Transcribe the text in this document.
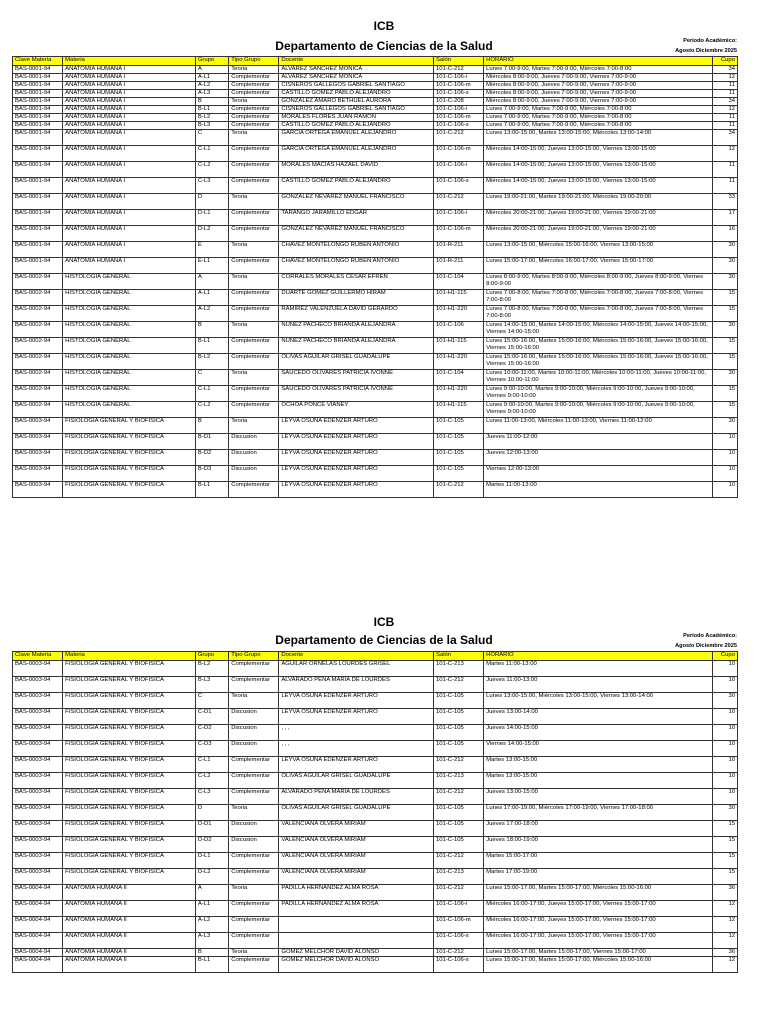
ICB
Departamento de Ciencias de la Salud	Periodo Académico:
Agosto Diciembre 2025
Clave Materia	Materia	Grupo	Tipo Grupo	Docente	Salón	HORARIO	Cupo
BAS-0001-94	ANATOMIA HUMANA I	A	Teoria	ALVAREZ SANCHEZ MONICA	101-C-212	Lunes 7:00-9:00, Martes 7:00-9:00, Miércoles 7:00-8:00	34
BAS-0001-94	ANATOMIA HUMANA I	A-L1	Complementar	ALVAREZ SANCHEZ MONICA	101-C-106-i	Miércoles 8:00-9:00, Jueves 7:00-9:00, Viernes 7:00-9:00	12
BAS-0001-94	ANATOMIA HUMANA I	A-L2	Complementar	CISNEROS GALLEGOS GABRIEL SANTIAGO	101-C-106-m	Miércoles 8:00-9:00, Jueves 7:00-9:00, Viernes 7:00-9:00	11
BAS-0001-94	ANATOMIA HUMANA I	A-L3	Complementar	CASTILLO GOMEZ PABLO ALEJANDRO	101-C-106-s	Miércoles 8:00-9:00, Jueves 7:00-9:00, Viernes 7:00-9:00	11
BAS-0001-94	ANATOMIA HUMANA I	B	Teoria	GONZALEZ AMARO BETHUEL AURORA	101-C-208	Miércoles 8:00-9:00, Jueves 7:00-9:00, Viernes 7:00-9:00	34
BAS-0001-94	ANATOMIA HUMANA I	B-L1	Complementar	CISNEROS GALLEGOS GABRIEL SANTIAGO	101-C-106-i	Lunes 7:00-9:00, Martes 7:00-9:00, Miércoles 7:00-8:00	12
BAS-0001-94	ANATOMIA HUMANA I	B-L2	Complementar	MORALES FLORES JUAN RAMON	101-C-106-m	Lunes 7:00-9:00, Martes 7:00-9:00, Miércoles 7:00-8:00	11
BAS-0001-94	ANATOMIA HUMANA I	B-L3	Complementar	CASTILLO GOMEZ PABLO ALEJANDRO	101-C-106-s	Lunes 7:00-9:00, Martes 7:00-9:00, Miércoles 7:00-8:00	11
BAS-0001-94	ANATOMIA HUMANA I	C	Teoria	GARCIA ORTEGA EMANUEL ALEJANDRO	101-C-212	Lunes 13:00-15:00, Martes 13:00-15:00, Miércoles 13:00-14:00	34
BAS-0001-94	ANATOMIA HUMANA I	C-L1	Complementar	GARCIA ORTEGA EMANUEL ALEJANDRO	101-C-106-m	Miércoles 14:00-15:00, Jueves 13:00-15:00, Viernes 13:00-15:00	12
BAS-0001-94	ANATOMIA HUMANA I	C-L2	Complementar	MORALES MACIAS HAZAEL DAVID	101-C-106-i	Miércoles 14:00-15:00, Jueves 13:00-15:00, Viernes 13:00-15:00	11
BAS-0001-94	ANATOMIA HUMANA I	C-L3	Complementar	CASTILLO GOMEZ PABLO ALEJANDRO	101-C-106-s	Miércoles 14:00-15:00, Jueves 13:00-15:00, Viernes 13:00-15:00	11
BAS-0001-94	ANATOMIA HUMANA I	D	Teoria	GONZALEZ NEVAREZ MANUEL FRANCISCO	101-C-212	Lunes 19:00-21:00, Martes 19:00-21:00, Miércoles 19:00-20:00	33
BAS-0001-94	ANATOMIA HUMANA I	D-L1	Complementar	TARANGO JARAMILLO EDGAR	101-C-106-i	Miércoles 20:00-21:00, Jueves 19:00-21:00, Viernes 19:00-21:00	17
BAS-0001-94	ANATOMIA HUMANA I	D-L2	Complementar	GONZALEZ NEVAREZ MANUEL FRANCISCO	101-C-106-m	Miércoles 20:00-21:00, Jueves 19:00-21:00, Viernes 19:00-21:00	16
BAS-0001-94	ANATOMIA HUMANA I	E	Teoria	CHAVEZ MONTELONGO RUBEN ANTONIO	101-R-211	Lunes 13:00-15:00, Miércoles 15:00-16:00, Viernes 13:00-15:00	30
BAS-0001-94	ANATOMIA HUMANA I	E-L1	Complementar	CHAVEZ MONTELONGO RUBEN ANTONIO	101-R-211	Lunes 15:00-17:00, Miércoles 16:00-17:00, Viernes 15:00-17:00	30
BAS-0002-94	HISTOLOGIA GENERAL	A	Teoria	CORRALES MORALES CESAR EFREN	101-C-104	Lunes 8:00-9:00, Martes 8:00-9:00, Miércoles 8:00-9:00, Jueves 8:00-9:00, Viernes 8:00-9:00	30
BAS-0002-94	HISTOLOGIA GENERAL	A-L1	Complementar	DUARTE GOMEZ GUILLERMO HIRAM	101-H1-115	Lunes 7:00-8:00, Martes 7:00-8:00, Miércoles 7:00-8:00, Jueves 7:00-8:00, Viernes 7:00-8:00	15
BAS-0002-94	HISTOLOGIA GENERAL	A-L2	Complementar	RAMIREZ VALENZUELA DAVID GERARDO	101-H1-220	Lunes 7:00-8:00, Martes 7:00-8:00, Miércoles 7:00-8:00, Jueves 7:00-8:00, Viernes 7:00-8:00	15
BAS-0002-94	HISTOLOGIA GENERAL	B	Teoria	NUÑEZ PACHECO BRIANDA ALEJANDRA	101-C-106	Lunes 14:00-15:00, Martes 14:00-15:00, Miércoles 14:00-15:00, Jueves 14:00-15:00, Viernes 14:00-15:00	30
BAS-0002-94	HISTOLOGIA GENERAL	B-L1	Complementar	NUÑEZ PACHECO BRIANDA ALEJANDRA	101-H1-115	Lunes 15:00-16:00, Martes 15:00-16:00, Miércoles 15:00-16:00, Jueves 15:00-16:00, Viernes 15:00-16:00	15
BAS-0002-94	HISTOLOGIA GENERAL	B-L2	Complementar	OLIVAS AGUILAR GRISEL GUADALUPE	101-H1-220	Lunes 15:00-16:00, Martes 15:00-16:00, Miércoles 15:00-16:00, Jueves 15:00-16:00, Viernes 15:00-16:00	15
BAS-0002-94	HISTOLOGIA GENERAL	C	Teoria	SAUCEDO OLIVARES PATRICIA IVONNE	101-C-104	Lunes 10:00-11:00, Martes 10:00-11:00, Miércoles 10:00-11:00, Jueves 10:00-11:00, Viernes 10:00-11:00	30
BAS-0002-94	HISTOLOGIA GENERAL	C-L1	Complementar	SAUCEDO OLIVARES PATRICIA IVONNE	101-H1-220	Lunes 9:00-10:00, Martes 9:00-10:00, Miércoles 9:00-10:00, Jueves 9:00-10:00, Viernes 9:00-10:00	15
BAS-0002-94	HISTOLOGIA GENERAL	C-L2	Complementar	OCHOA PONCE VIANEY	101-H1-115	Lunes 9:00-10:00, Martes 9:00-10:00, Miércoles 9:00-10:00, Jueves 9:00-10:00, Viernes 9:00-10:00	15
BAS-0003-94	FISIOLOGIA GENERAL Y BIOFISICA	B	Teoria	LEYVA OSUNA EDENZER ARTURO	101-C-105	Lunes 11:00-13:00, Miércoles 11:00-13:00, Viernes 11:00-12:00	30
BAS-0003-94	FISIOLOGIA GENERAL Y BIOFISICA	B-D1	Discusion	LEYVA OSUNA EDENZER ARTURO	101-C-105	Jueves 11:00-12:00	10
BAS-0003-94	FISIOLOGIA GENERAL Y BIOFISICA	B-D2	Discusion	LEYVA OSUNA EDENZER ARTURO	101-C-105	Jueves 12:00-13:00	10
BAS-0003-94	FISIOLOGIA GENERAL Y BIOFISICA	B-D3	Discusion	LEYVA OSUNA EDENZER ARTURO	101-C-105	Viernes 12:00-13:00	10
BAS-0003-94	FISIOLOGIA GENERAL Y BIOFISICA	B-L1	Complementar	LEYVA OSUNA EDENZER ARTURO	101-C-212	Martes 11:00-13:00	10
ICB
Departamento de Ciencias de la Salud	Periodo Académico:
Agosto Diciembre 2025
Clave Materia	Materia	Grupo	Tipo Grupo	Docente	Salón	HORARIO	Cupo
BAS-0003-94	FISIOLOGIA GENERAL Y BIOFISICA	B-L2	Complementar	AGUILAR ORNELAS LOURDES GRISEL	101-C-213	Martes 11:00-13:00	10
BAS-0003-94	FISIOLOGIA GENERAL Y BIOFISICA	B-L3	Complementar	ALVARADO PEÑA MARIA DE LOURDES	101-C-212	Jueves 11:00-13:00	10
BAS-0003-94	FISIOLOGIA GENERAL Y BIOFISICA	C	Teoria	LEYVA OSUNA EDENZER ARTURO	101-C-105	Lunes 13:00-15:00, Miércoles 13:00-15:00, Viernes 13:00-14:00	30
BAS-0003-94	FISIOLOGIA GENERAL Y BIOFISICA	C-D1	Discusion	LEYVA OSUNA EDENZER ARTURO	101-C-105	Jueves 13:00-14:00	10
BAS-0003-94	FISIOLOGIA GENERAL Y BIOFISICA	C-D2	Discusion	, , ,	101-C-105	Jueves 14:00-15:00	10
BAS-0003-94	FISIOLOGIA GENERAL Y BIOFISICA	C-D3	Discusion	, , ,	101-C-105	Viernes 14:00-15:00	10
BAS-0003-94	FISIOLOGIA GENERAL Y BIOFISICA	C-L1	Complementar	LEYVA OSUNA EDENZER ARTURO	101-C-212	Martes 13:00-15:00	10
BAS-0003-94	FISIOLOGIA GENERAL Y BIOFISICA	C-L2	Complementar	OLIVAS AGUILAR GRISEL GUADALUPE	101-C-213	Martes 13:00-15:00	10
BAS-0003-94	FISIOLOGIA GENERAL Y BIOFISICA	C-L3	Complementar	ALVARADO PEÑA MARIA DE LOURDES	101-C-212	Jueves 13:00-15:00	10
BAS-0003-94	FISIOLOGIA GENERAL Y BIOFISICA	D	Teoria	OLIVAS AGUILAR GRISEL GUADALUPE	101-C-105	Lunes 17:00-19:00, Miércoles 17:00-19:00, Viernes 17:00-18:00	30
BAS-0003-94	FISIOLOGIA GENERAL Y BIOFISICA	D-D1	Discusion	VALENCIANA OLVERA MIRIAM	101-C-105	Jueves 17:00-18:00	15
BAS-0003-94	FISIOLOGIA GENERAL Y BIOFISICA	D-D2	Discusion	VALENCIANA OLVERA MIRIAM	101-C-105	Jueves 18:00-19:00	15
BAS-0003-94	FISIOLOGIA GENERAL Y BIOFISICA	D-L1	Complementar	VALENCIANA OLVERA MIRIAM	101-C-212	Martes 15:00-17:00	15
BAS-0003-94	FISIOLOGIA GENERAL Y BIOFISICA	D-L2	Complementar	VALENCIANA OLVERA MIRIAM	101-C-213	Martes 17:00-19:00	15
BAS-0004-94	ANATOMIA HUMANA II	A	Teoria	PADILLA HERNANDEZ ALMA ROSA	101-C-212	Lunes 15:00-17:00, Martes 15:00-17:00, Miércoles 15:00-16:00	36
BAS-0004-94	ANATOMIA HUMANA II	A-L1	Complementar	PADILLA HERNANDEZ ALMA ROSA	101-C-106-i	Miércoles 16:00-17:00, Jueves 15:00-17:00, Viernes 15:00-17:00	12
BAS-0004-94	ANATOMIA HUMANA II	A-L2	Complementar		101-C-106-m	Miércoles 16:00-17:00, Jueves 15:00-17:00, Viernes 15:00-17:00	12
BAS-0004-94	ANATOMIA HUMANA II	A-L3	Complementar		101-C-106-s	Miércoles 16:00-17:00, Jueves 15:00-17:00, Viernes 15:00-17:00	12
BAS-0004-94	ANATOMIA HUMANA II	B	Teoria	GOMEZ MELCHOR DAVID ALONSO	101-C-212	Lunes 15:00-17:00, Martes 15:00-17:00, Viernes 15:00-17:00	36
BAS-0004-94	ANATOMIA HUMANA II	B-L1	Complementar	GOMEZ MELCHOR DAVID ALONSO	101-C-106-s	Lunes 15:00-17:00, Martes 15:00-17:00, Miércoles 15:00-16:00	12
